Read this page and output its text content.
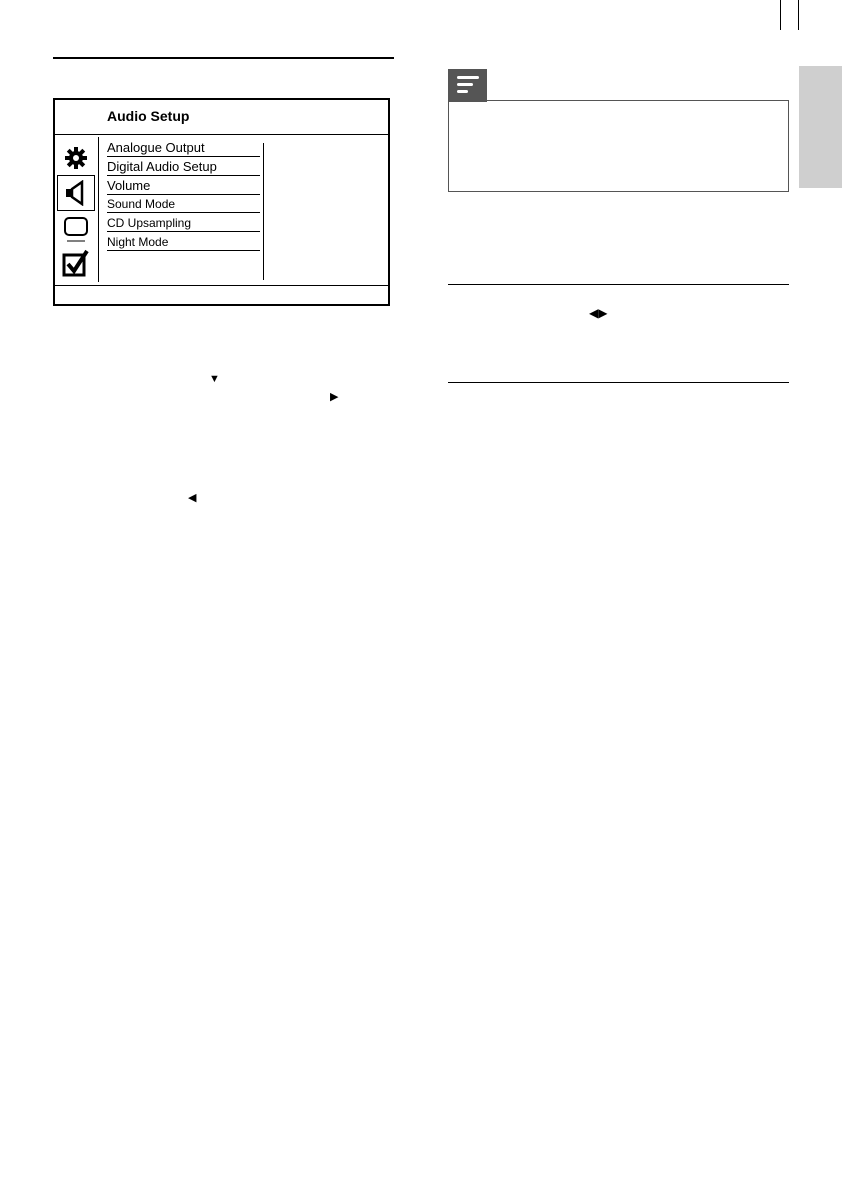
Audio Setup
Analogue Output
Digital Audio Setup
Volume
Sound Mode
CD Upsampling
Night Mode
▼
▶
◀
◀▶
